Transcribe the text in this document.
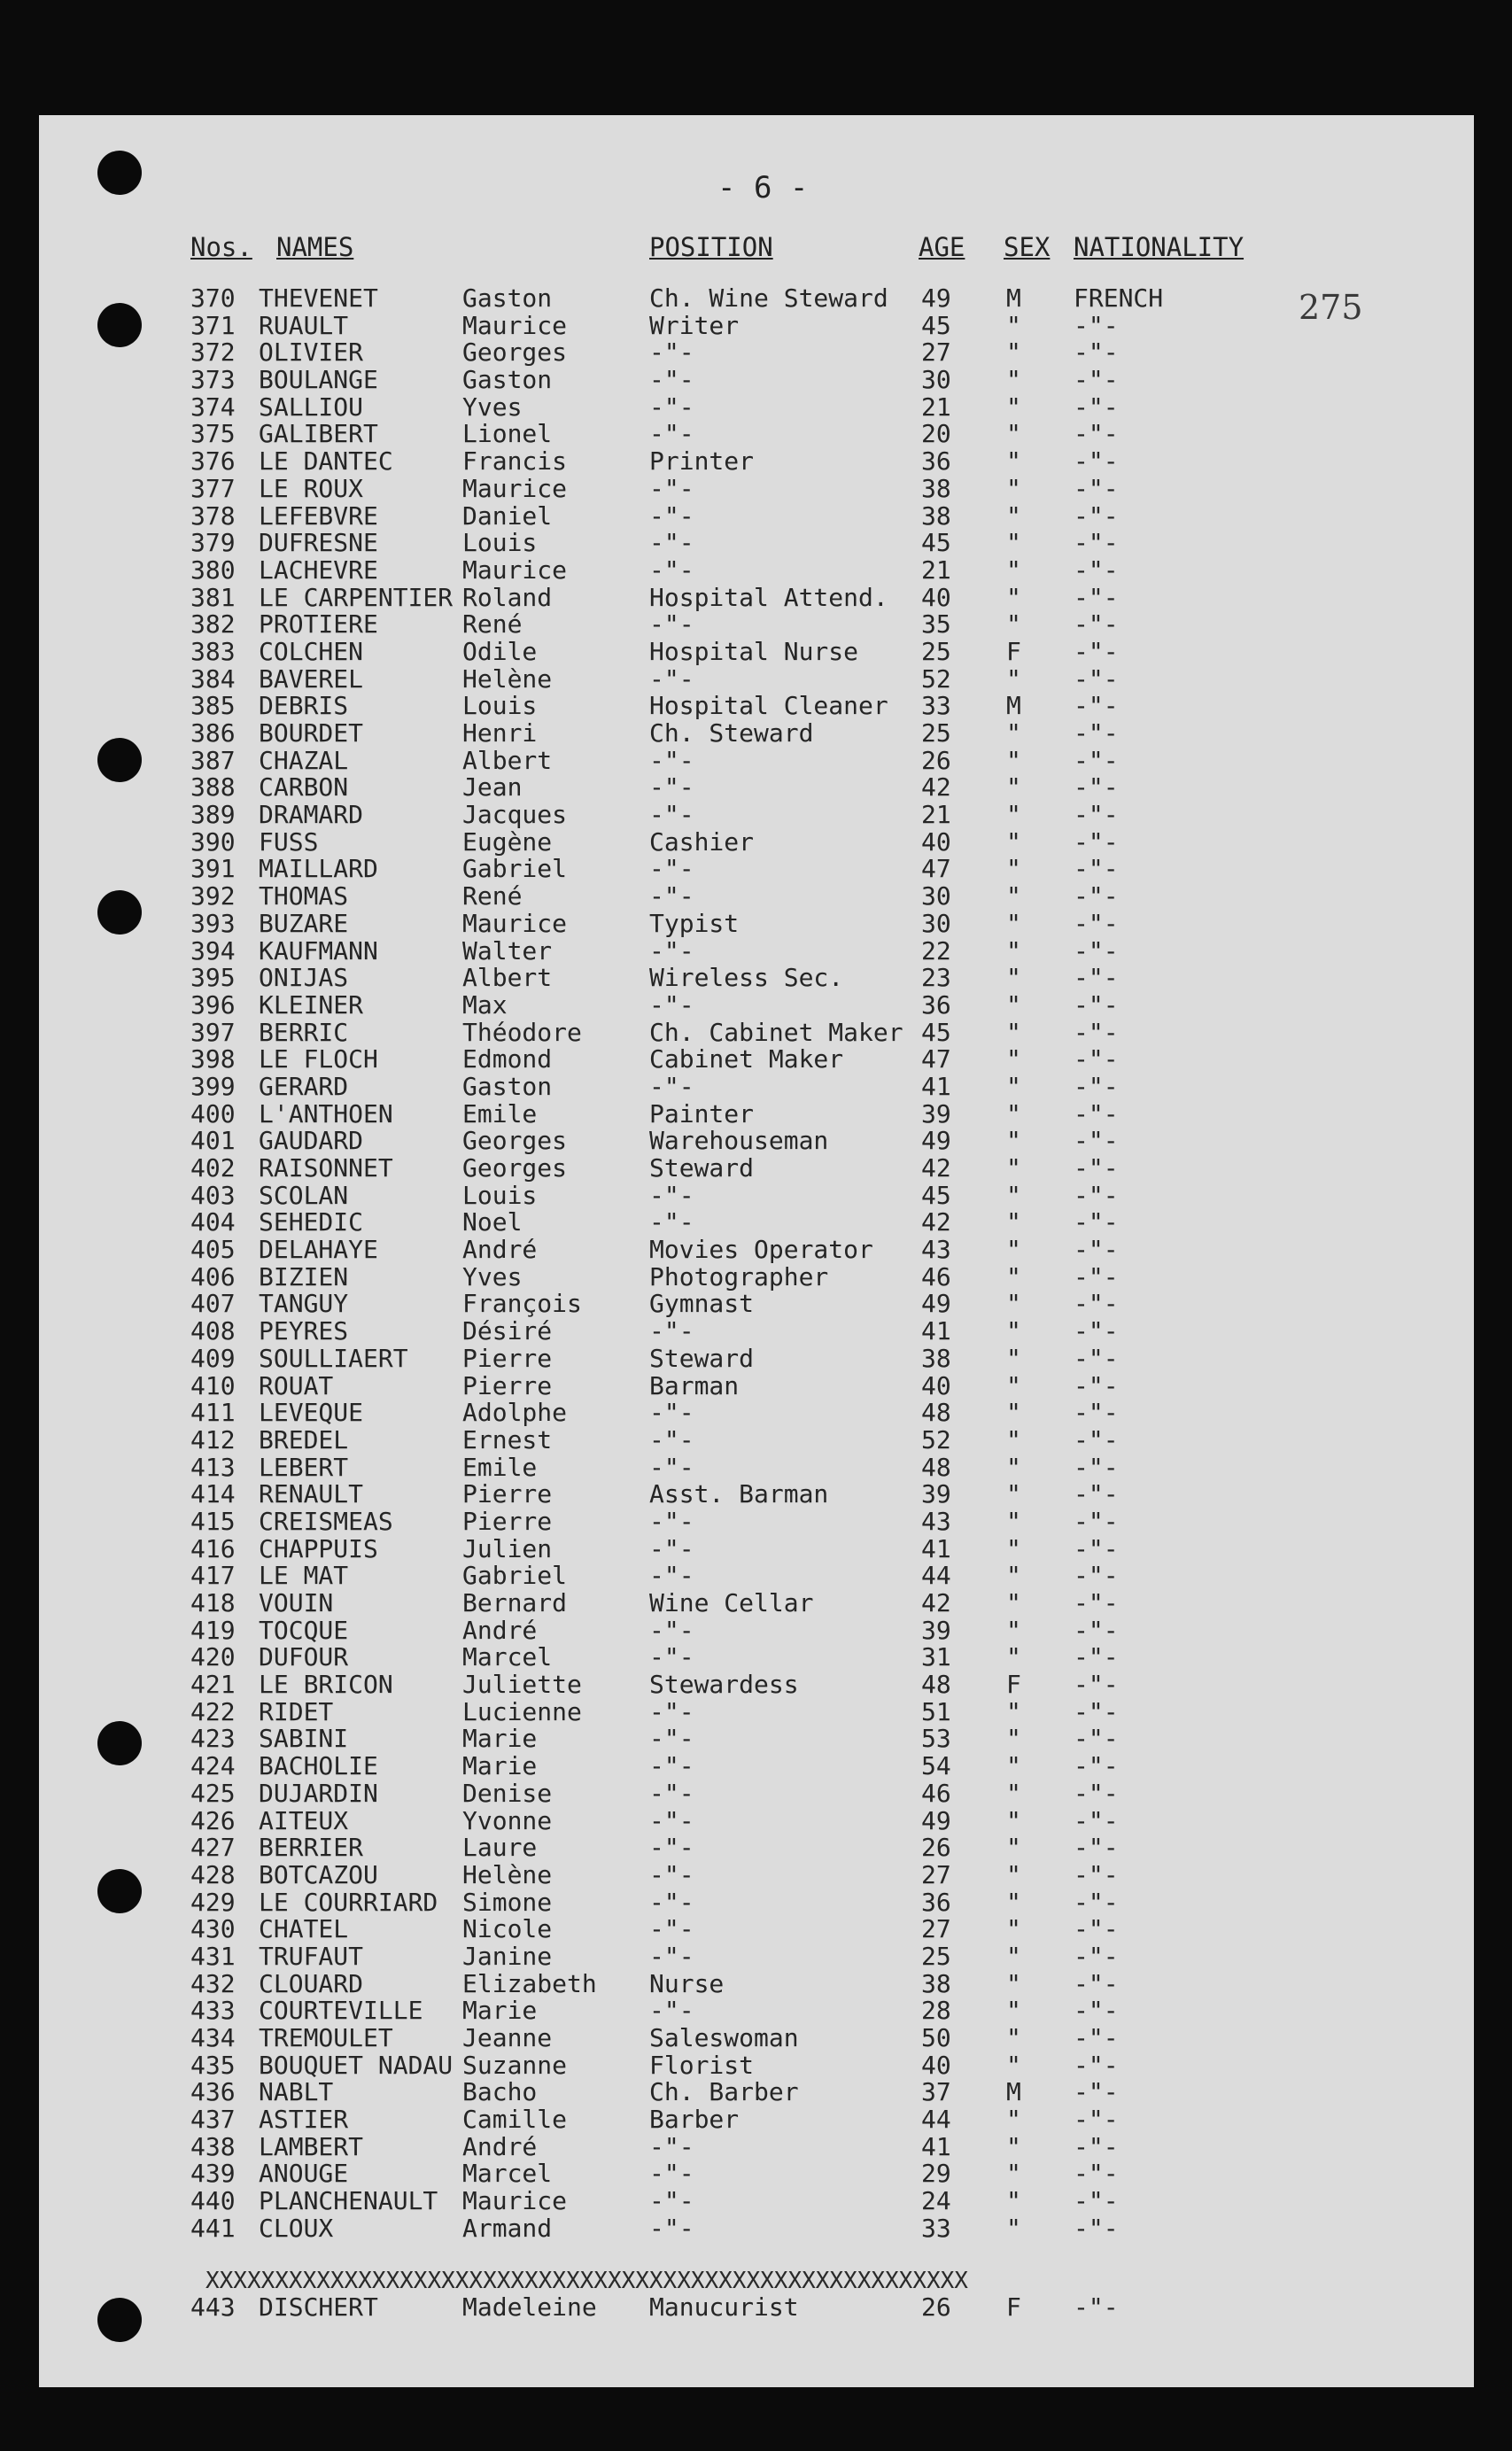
- 6 -
275
Nos. NAMES	POSITION	AGE SEX NATIONALITY
370 THEVENET	Gaston	Ch. Wine Steward 49 M FRENCH
371 RUAULT	Maurice	Writer	45 " -"-
372 OLIVIER	Georges	-"-	27 " -"-
373 BOULANGE	Gaston	-"-	30 " -"-
374 SALLIOU	Yves	-"-	21 " -"-
375 GALIBERT	Lionel	-"-	20 " -"-
376 LE DANTEC	Francis	Printer	36 " -"-
377 LE ROUX	Maurice	-"-	38 " -"-
378 LEFEBVRE	Daniel	-"-	38 " -"-
379 DUFRESNE	Louis	-"-	45 " -"-
380 LACHEVRE	Maurice	-"-	21 " -"-
381 LE CARPENTIER Roland	Hospital Attend. 40 " -"-
382 PROTIERE	René	-"-	35 " -"-
383 COLCHEN	Odile	Hospital Nurse	25 F -"-
384 BAVEREL	Helène	-"-	52 " -"-
385 DEBRIS	Louis	Hospital Cleaner 33 M -"-
386 BOURDET	Henri	Ch. Steward	25 " -"-
387 CHAZAL	Albert	-"-	26 " -"-
388 CARBON	Jean	-"-	42 " -"-
389 DRAMARD	Jacques	-"-	21 " -"-
390 FUSS	Eugène	Cashier	40 " -"-
391 MAILLARD	Gabriel	-"-	47 " -"-
392 THOMAS	René	-"-	30 " -"-
393 BUZARE	Maurice	Typist	30 " -"-
394 KAUFMANN	Walter	-"-	22 " -"-
395 ONIJAS	Albert	Wireless Sec.	23 " -"-
396 KLEINER	Max	-"-	36 " -"-
397 BERRIC	Théodore	Ch. Cabinet Maker 45 " -"-
398 LE FLOCH	Edmond	Cabinet Maker	47 " -"-
399 GERARD	Gaston	-"-	41 " -"-
400 L'ANTHOEN	Emile	Painter	39 " -"-
401 GAUDARD	Georges	Warehouseman	49 " -"-
402 RAISONNET	Georges	Steward	42 " -"-
403 SCOLAN	Louis	-"-	45 " -"-
404 SEHEDIC	Noel	-"-	42 " -"-
405 DELAHAYE	André	Movies Operator 43 " -"-
406 BIZIEN	Yves	Photographer	46 " -"-
407 TANGUY	François	Gymnast	49 " -"-
408 PEYRES	Désiré	-"-	41 " -"-
409 SOULLIAERT Pierre	Steward	38 " -"-
410 ROUAT	Pierre	Barman	40 " -"-
411 LEVEQUE	Adolphe	-"-	48 " -"-
412 BREDEL	Ernest	-"-	52 " -"-
413 LEBERT	Emile	-"-	48 " -"-
414 RENAULT	Pierre	Asst. Barman	39 " -"-
415 CREISMEAS	Pierre	-"-	43 " -"-
416 CHAPPUIS	Julien	-"-	41 " -"-
417 LE MAT	Gabriel	-"-	44 " -"-
418 VOUIN	Bernard	Wine Cellar	42 " -"-
419 TOCQUE	André	-"-	39 " -"-
420 DUFOUR	Marcel	-"-	31 " -"-
421 LE BRICON	Juliette	Stewardess	48 F -"-
422 RIDET	Lucienne	-"-	51 " -"-
423 SABINI	Marie	-"-	53 " -"-
424 BACHOLIE	Marie	-"-	54 " -"-
425 DUJARDIN	Denise	-"-	46 " -"-
426 AITEUX	Yvonne	-"-	49 " -"-
427 BERRIER	Laure	-"-	26 " -"-
428 BOTCAZOU	Helène	-"-	27 " -"-
429 LE COURRIARD Simone	-"-	36 " -"-
430 CHATEL	Nicole	-"-	27 " -"-
431 TRUFAUT	Janine	-"-	25 " -"-
432 CLOUARD	Elizabeth Nurse	38 " -"-
433 COURTEVILLE Marie	-"-	28 " -"-
434 TREMOULET	Jeanne	Saleswoman	50 " -"-
435 BOUQUET NADAU Suzanne	Florist	40 " -"-
436 NABLT	Bacho	Ch. Barber	37 M -"-
437 ASTIER	Camille	Barber	44 " -"-
438 LAMBERT	André	-"-	41 " -"-
439 ANOUGE	Marcel	-"-	29 " -"-
440 PLANCHENAULT Maurice	-"-	24 " -"-
441 CLOUX	Armand	-"-	33 " -"-
XXXXXXXXXXXXXXXXXXXXXXXXXXXXXXXXXXXXXXXXXXXXXXXXXXXXXXX
443 DISCHERT	Madeleine Manucurist	26 F -"-
